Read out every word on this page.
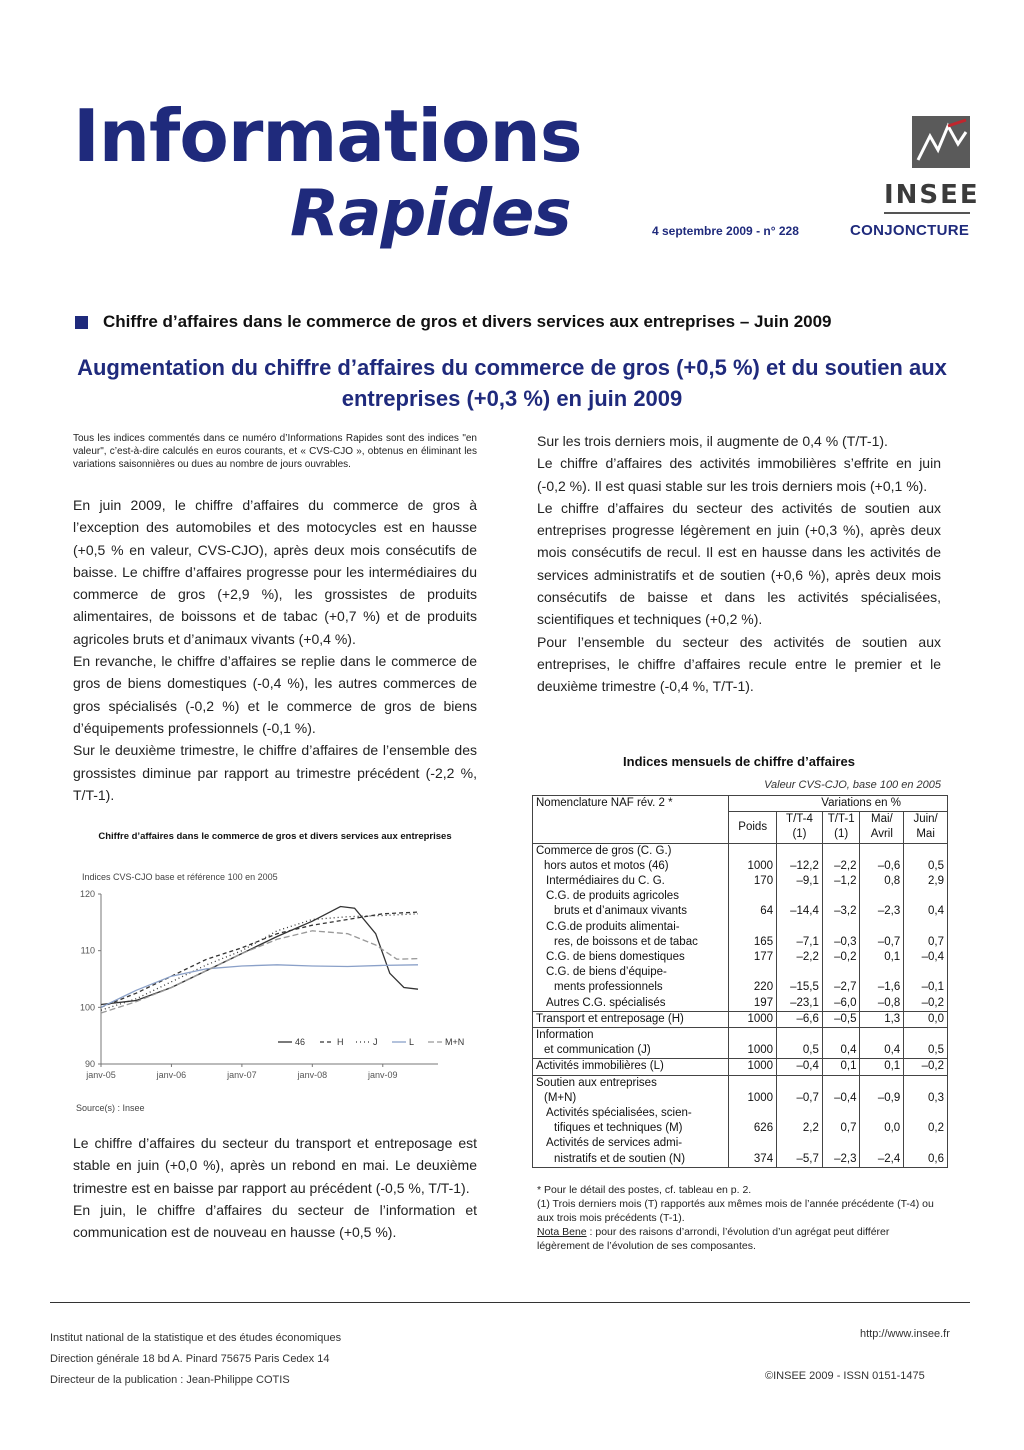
Informations
Rapides	4 septembre 2009 - n° 228	CONJONCTURE
INSEE
Chiffre d’affaires dans le commerce de gros et divers services aux entreprises – Juin 2009
Augmentation du chiffre d’affaires du commerce de gros (+0,5 %) et du soutien aux entreprises (+0,3 %) en juin 2009
Tous les indices commentés dans ce numéro d’Informations Rapides sont des indices "en valeur", c’est-à-dire calculés en euros courants, et « CVS-CJO », obtenus en éliminant les variations saisonnières ou dues au nombre de jours ouvrables.

En juin 2009, le chiffre d’affaires du commerce de gros à l’exception des automobiles et des motocycles est en hausse (+0,5 % en valeur, CVS-CJO), après deux mois consécutifs de baisse. Le chiffre d’affaires progresse pour les intermédiaires du commerce de gros (+2,9 %), les grossistes de produits alimentaires, de boissons et de tabac (+0,7 %) et de produits agricoles bruts et d’animaux vivants (+0,4 %).

En revanche, le chiffre d’affaires se replie dans le commerce de gros de biens domestiques (-0,4 %), les autres commerces de gros spécialisés (-0,2 %) et le commerce de gros de biens d’équipements professionnels (-0,1 %).

Sur le deuxième trimestre, le chiffre d’affaires de l’ensemble des grossistes diminue par rapport au trimestre précédent (-2,2 %, T/T-1).

Chiffre d’affaires dans le commerce de gros et divers services aux entreprises
Indices CVS-CJO base et référence 100 en 2005
90
100
110
120
janv-05	janv-06	janv-07	janv-08	janv-09
46	H	J	L	M+N
Source(s) : Insee

Le chiffre d’affaires du secteur du transport et entreposage est stable en juin (+0,0 %), après un rebond en mai. Le deuxième trimestre est en baisse par rapport au précédent (-0,5 %, T/T-1).

En juin, le chiffre d’affaires du secteur de l’information et communication est de nouveau en hausse (+0,5 %).

Sur les trois derniers mois, il augmente de 0,4 % (T/T-1).

Le chiffre d’affaires des activités immobilières s’effrite en juin (-0,2 %). Il est quasi stable sur les trois derniers mois (+0,1 %).

Le chiffre d’affaires du secteur des activités de soutien aux entreprises progresse légèrement en juin (+0,3 %), après deux mois consécutifs de recul. Il est en hausse dans les activités de services administratifs et de soutien (+0,6 %), après deux mois consécutifs de baisse et dans les activités spécialisées, scientifiques et techniques (+0,2 %).

Pour l’ensemble du secteur des activités de soutien aux entreprises, le chiffre d’affaires recule entre le premier et le deuxième trimestre (-0,4 %, T/T-1).

Indices mensuels de chiffre d’affaires
Valeur CVS-CJO, base 100 en 2005
Nomenclature NAF rév. 2 *	Variations en %				
	Poids	T/T-4 (1)	T/T-1 (1)	Mai/ Avril	Juin/ Mai

Commerce de gros (C. G.)
hors autos et motos (46)	1000	–12,2	–2,2	–0,6	0,5

Intermédiaires du C. G.	170	–9,1	–1,2	0,8	2,9

C.G. de produits agricoles
bruts et d’animaux vivants	64	–14,4	–3,2	–2,3	0,4

C.G.de produits alimentai-
res, de boissons et de tabac	165	–7,1	–0,3	–0,7	0,7

C.G. de biens domestiques	177	–2,2	–0,2	0,1	–0,4

C.G. de biens d’équipe-
ments professionnels	220	–15,5	–2,7	–1,6	–0,1

Autres C.G. spécialisés	197	–23,1	–6,0	–0,8	–0,2

Transport et entreposage (H)	1000	–6,6	–0,5	1,3	0,0

Information
et communication (J)	1000	0,5	0,4	0,4	0,5

Activités immobilières (L)	1000	–0,4	0,1	0,1	–0,2

Soutien aux entreprises
(M+N)	1000	–0,7	–0,4	–0,9	0,3

Activités spécialisées, scien-
tifiques et techniques (M)	626	2,2	0,7	0,0	0,2

Activités de services admi-
nistratifs et de soutien (N)	374	–5,7	–2,3	–2,4	0,6
* Pour le détail des postes, cf. tableau en p. 2.
(1) Trois derniers mois (T) rapportés aux mêmes mois de l’année précédente (T-4) ou aux trois mois précédents (T-1).
Nota Bene : pour des raisons d’arrondi, l’évolution d’un agrégat peut différer légèrement de l’évolution de ses composantes.
Institut national de la statistique et des études économiques
Direction générale 18 bd A. Pinard 75675 Paris Cedex 14
Directeur de la publication : Jean-Philippe COTIS
http://www.insee.fr
©INSEE 2009 - ISSN 0151-1475
